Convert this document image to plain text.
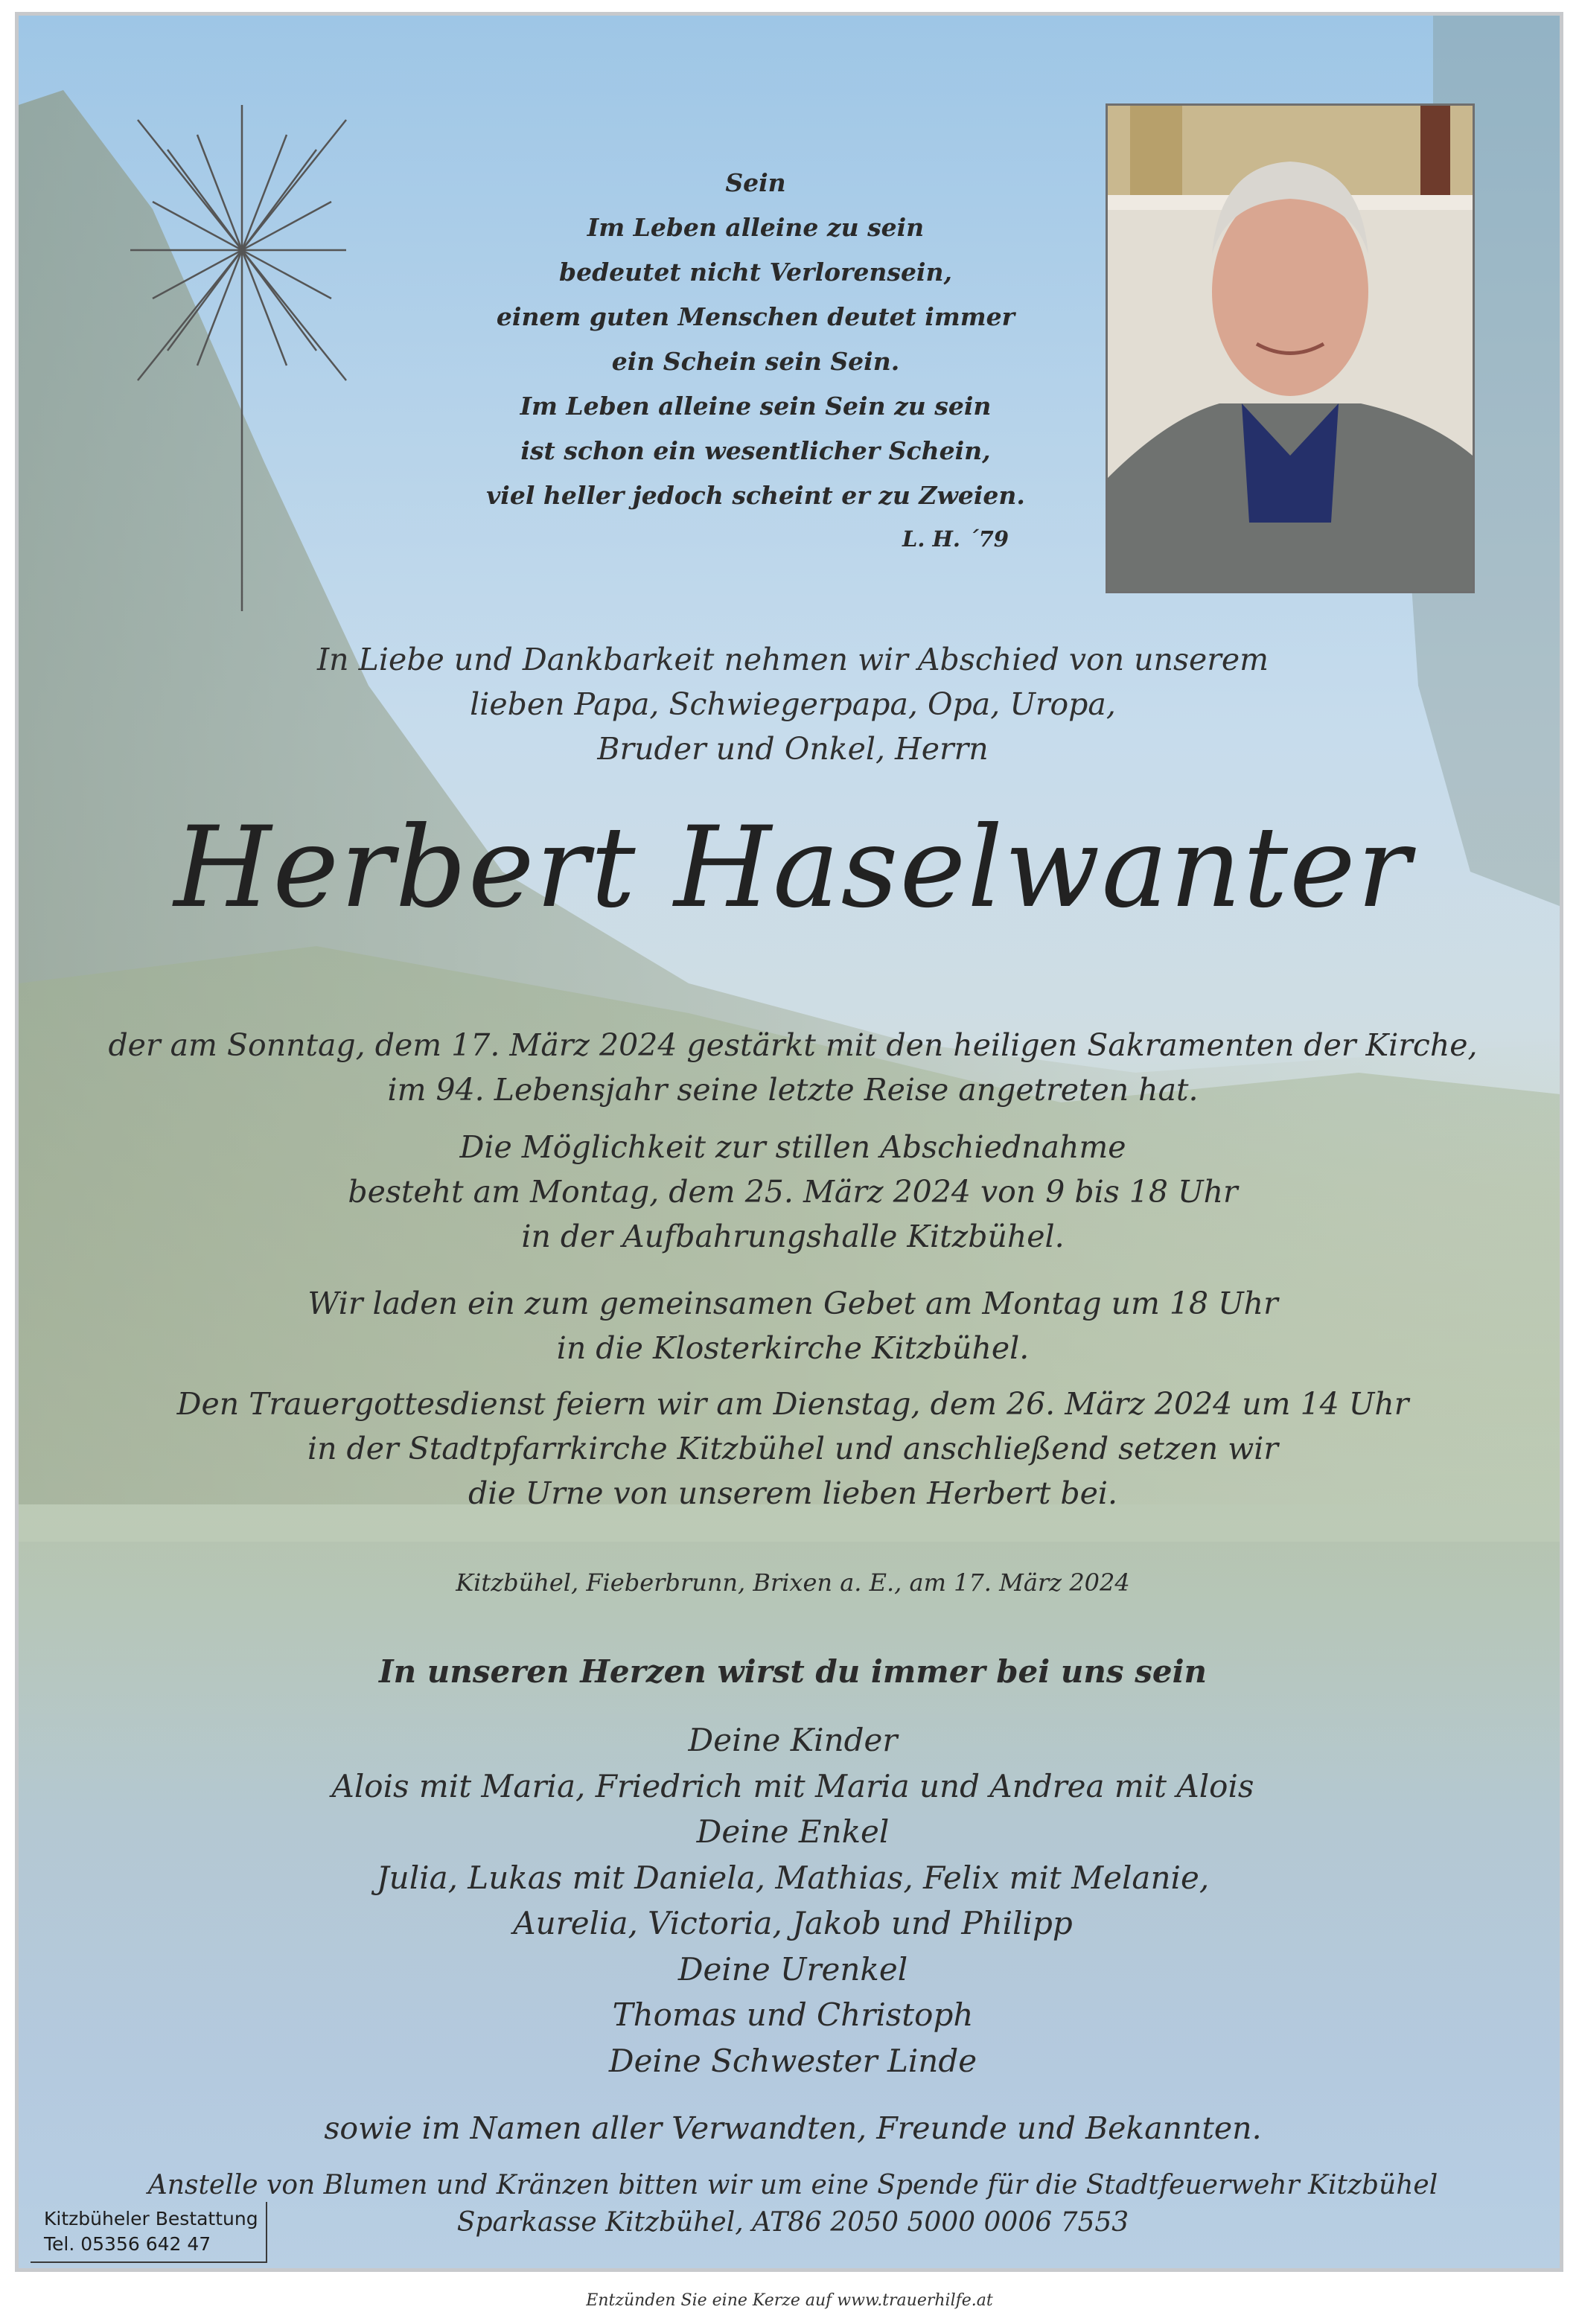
Sein
Im Leben alleine zu sein
bedeutet nicht Verlorensein,
einem guten Menschen deutet immer
ein Schein sein Sein.
Im Leben alleine sein Sein zu sein
ist schon ein wesentlicher Schein,
viel heller jedoch scheint er zu Zweien.
L. H. ´79
In Liebe und Dankbarkeit nehmen wir Abschied von unserem
lieben Papa, Schwiegerpapa, Opa, Uropa,
Bruder und Onkel, Herrn
Herbert Haselwanter
der am Sonntag, dem 17. März 2024 gestärkt mit den heiligen Sakramenten der Kirche,
im 94. Lebensjahr seine letzte Reise angetreten hat.
Die Möglichkeit zur stillen Abschiednahme
besteht am Montag, dem 25. März 2024 von 9 bis 18 Uhr
in der Aufbahrungshalle Kitzbühel.
Wir laden ein zum gemeinsamen Gebet am Montag um 18 Uhr
in die Klosterkirche Kitzbühel.
Den Trauergottesdienst feiern wir am Dienstag, dem 26. März 2024 um 14 Uhr
in der Stadtpfarrkirche Kitzbühel und anschließend setzen wir
die Urne von unserem lieben Herbert bei.
Kitzbühel, Fieberbrunn, Brixen a. E., am 17. März 2024
In unseren Herzen wirst du immer bei uns sein
Deine Kinder
Alois mit Maria, Friedrich mit Maria und Andrea mit Alois
Deine Enkel
Julia, Lukas mit Daniela, Mathias, Felix mit Melanie,
Aurelia, Victoria, Jakob und Philipp
Deine Urenkel
Thomas und Christoph
Deine Schwester Linde
sowie im Namen aller Verwandten, Freunde und Bekannten.
Anstelle von Blumen und Kränzen bitten wir um eine Spende für die Stadtfeuerwehr Kitzbühel
Sparkasse Kitzbühel, AT86 2050 5000 0006 7553
Kitzbüheler Bestattung
Tel. 05356 642 47
Entzünden Sie eine Kerze auf www.trauerhilfe.at
